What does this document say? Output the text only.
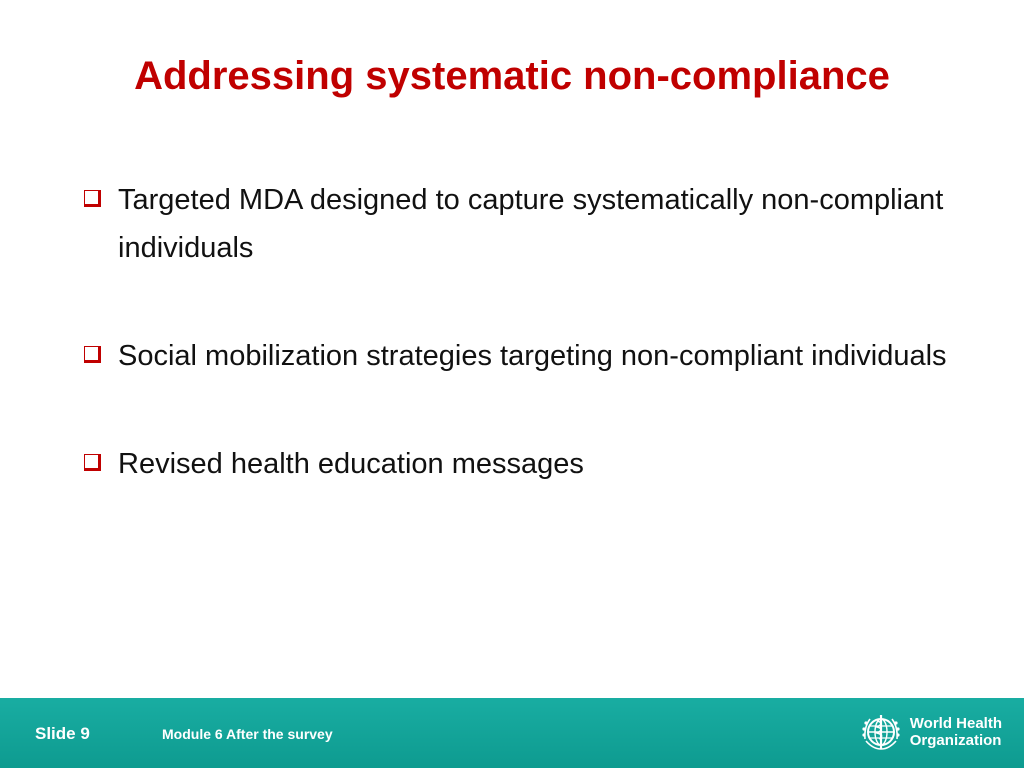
Addressing systematic non-compliance
Targeted MDA designed to capture systematically non-compliant individuals
Social mobilization strategies targeting non-compliant individuals
Revised health education messages
Slide 9	Module 6 After the survey
World Health
Organization
